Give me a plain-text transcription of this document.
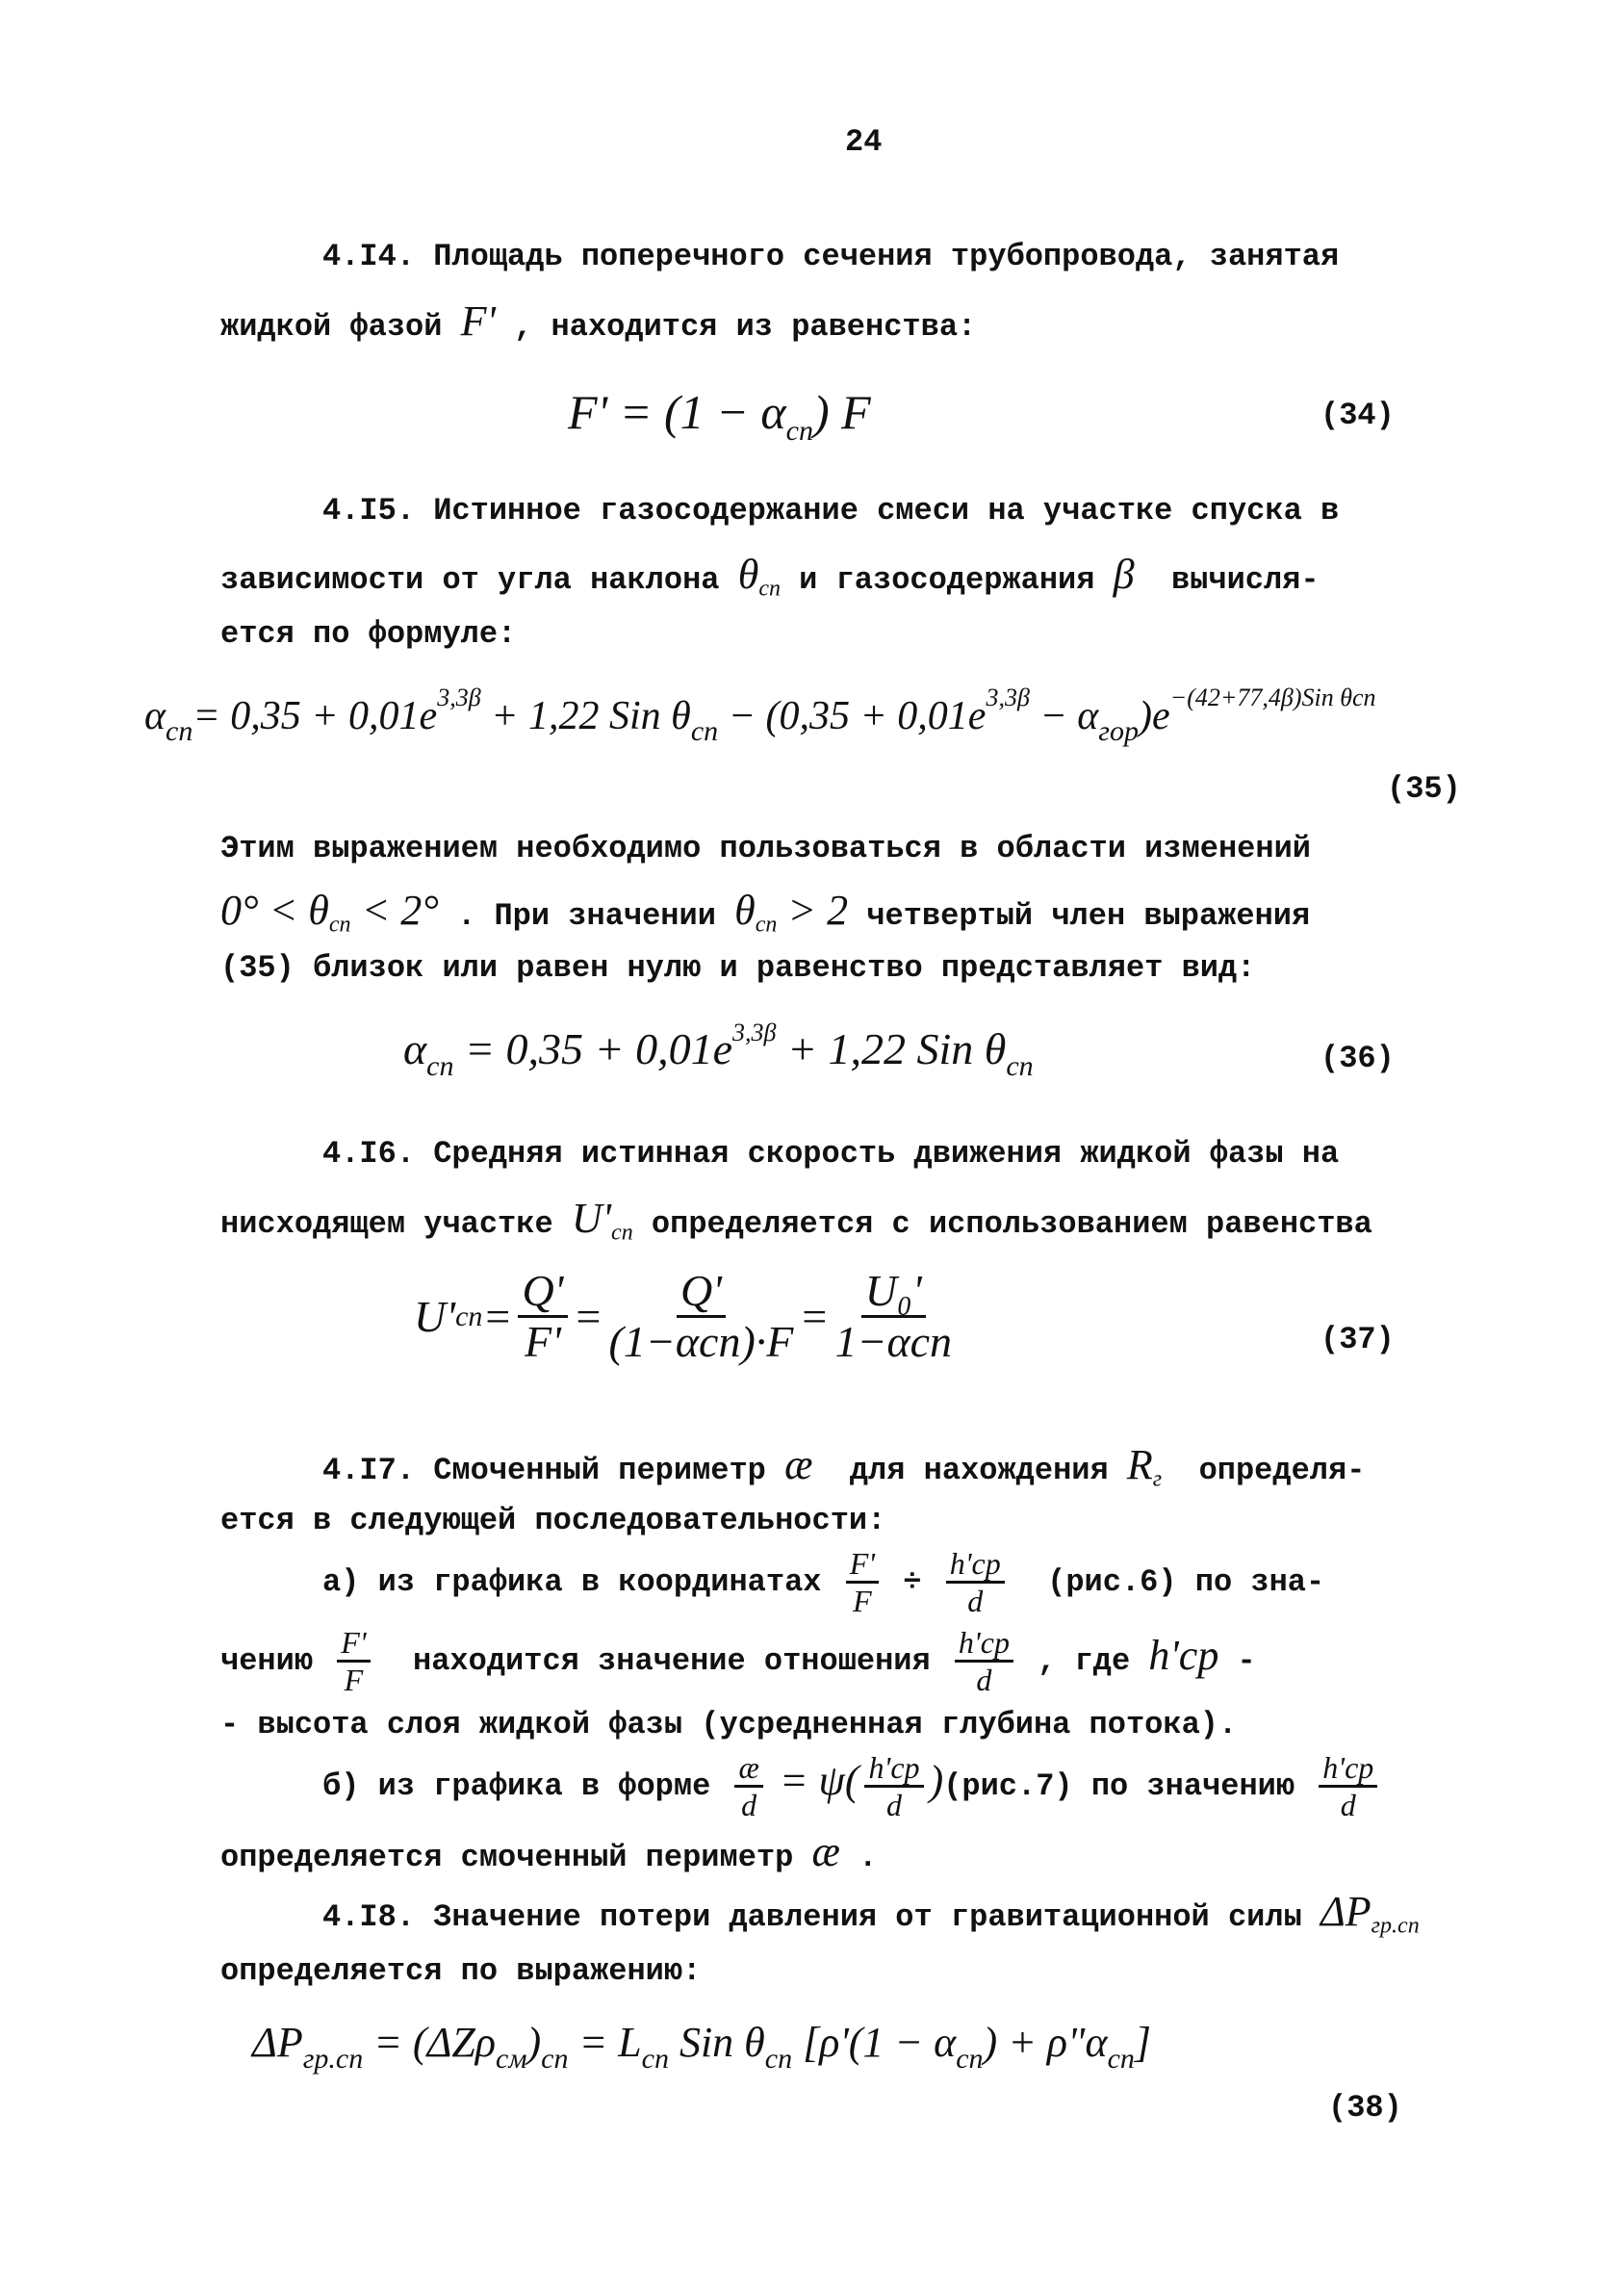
24
4.I4. Площадь поперечного сечения трубопровода, занятая
жидкой фазой F' , находится из равенства:
$F' = (1 - \alpha_{сп})$ F	(34)
4.I5. Истинное газосодержание смеси на участке спуска в
зависимости от угла наклона $\theta_{сп}$ и газосодержания β  вычисля-
ется по формуле:
$\alpha_{сп}= 0,35 + 0,01e^{3,3\beta} + 1,22$ Sin $\theta_{сп} - (0,35 + 0,01e^{3,3\beta} - \alpha_{гор})e^{-(42+77,4\beta)Sin \theta сп}$
(35)
Этим выражением необходимо пользоваться в области изменений
$0^\circ < \theta_{сп} < 2^\circ$ . При значении $\theta_{сп} > 2$ четвертый член выражения
(35) близок или равен нулю и равенство представляет вид:
$\alpha_{сп} = 0,35 + 0,01e^{3,3\beta} + 1,22$ Sin $\theta_{сп}$	(36)
4.I6. Средняя истинная скорость движения жидкой фазы на
нисходящем участке $U'_{сп}$ определяется с использованием равенства
U' сп = $\frac{Q'}{F'} = \frac{Q'}{\text{(1−αсп)·F}} = \frac{\text{U₀'}}{\text{1−αсп}}$	(37)
4.I7. Смоченный периметр æ  для нахождения $R_г$  определя-
ется в следующей последовательности:
а) из графика в координатах $\frac{F'}{F} \div \frac{h'ср}{d} (рис.6)$ по зна-
чению $\frac{F'}{F}$ находится значение отношения $\frac{h'ср}{d}$ , где h'ср -
- высота слоя жидкой фазы (усредненная глубина потока).
б) из графика в форме $\frac{æ}{d} = \psi( \frac{h'ср}{d} )(рис.7)$ по значению $\frac{h'ср}{d}$
определяется смоченный периметр æ .
4.I8. Значение потери давления от гравитационной силы $\Delta P_{гр.сп}$
определяется по выражению:
$\Delta P_{гр.сп} = (\Delta Z\rho_{см})_{сп} = L_{сп}$ Sin $\theta_{сп}$ [$\rho'(1 - \alpha_{сп})$ + $\rho"\alpha_{сп}$]
(38)
